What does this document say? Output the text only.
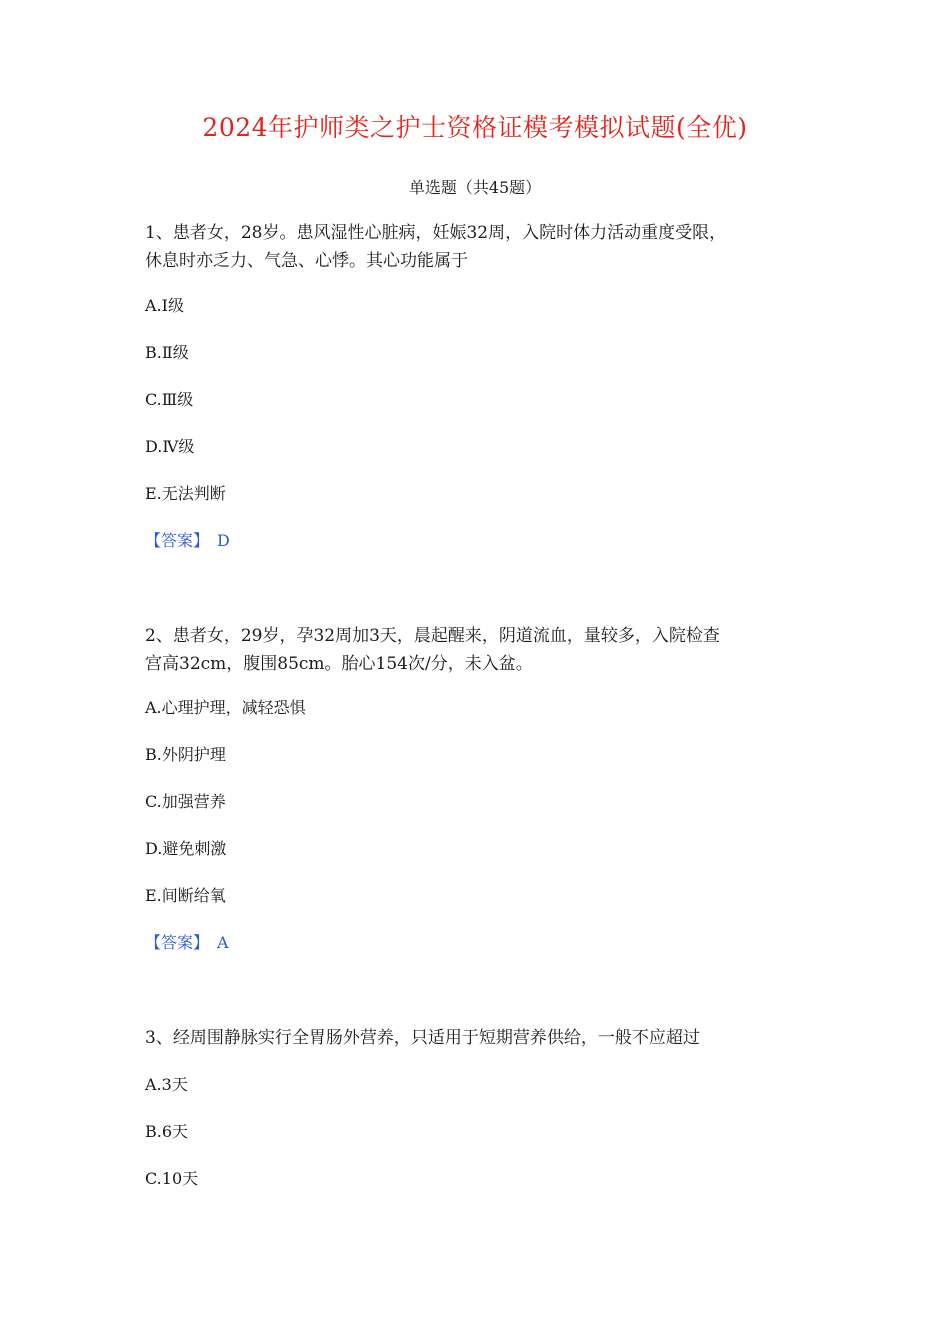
2024年护师类之护士资格证模考模拟试题(全优)
单选题（共45题）

1、患者女，28岁。患风湿性心脏病，妊娠32周，入院时体力活动重度受限，

休息时亦乏力、气急、心悸。其心功能属于

A.Ⅰ级

B.Ⅱ级

C.Ⅲ级

D.Ⅳ级

E.无法判断

【答案】 D

2、患者女，29岁，孕32周加3天，晨起醒来，阴道流血，量较多，入院检查

宫高32cm，腹围85cm。胎心154次/分，未入盆。

A.心理护理，减轻恐惧

B.外阴护理

C.加强营养

D.避免刺激

E.间断给氧

【答案】 A

3、经周围静脉实行全胃肠外营养，只适用于短期营养供给，一般不应超过

A.3天

B.6天

C.10天
